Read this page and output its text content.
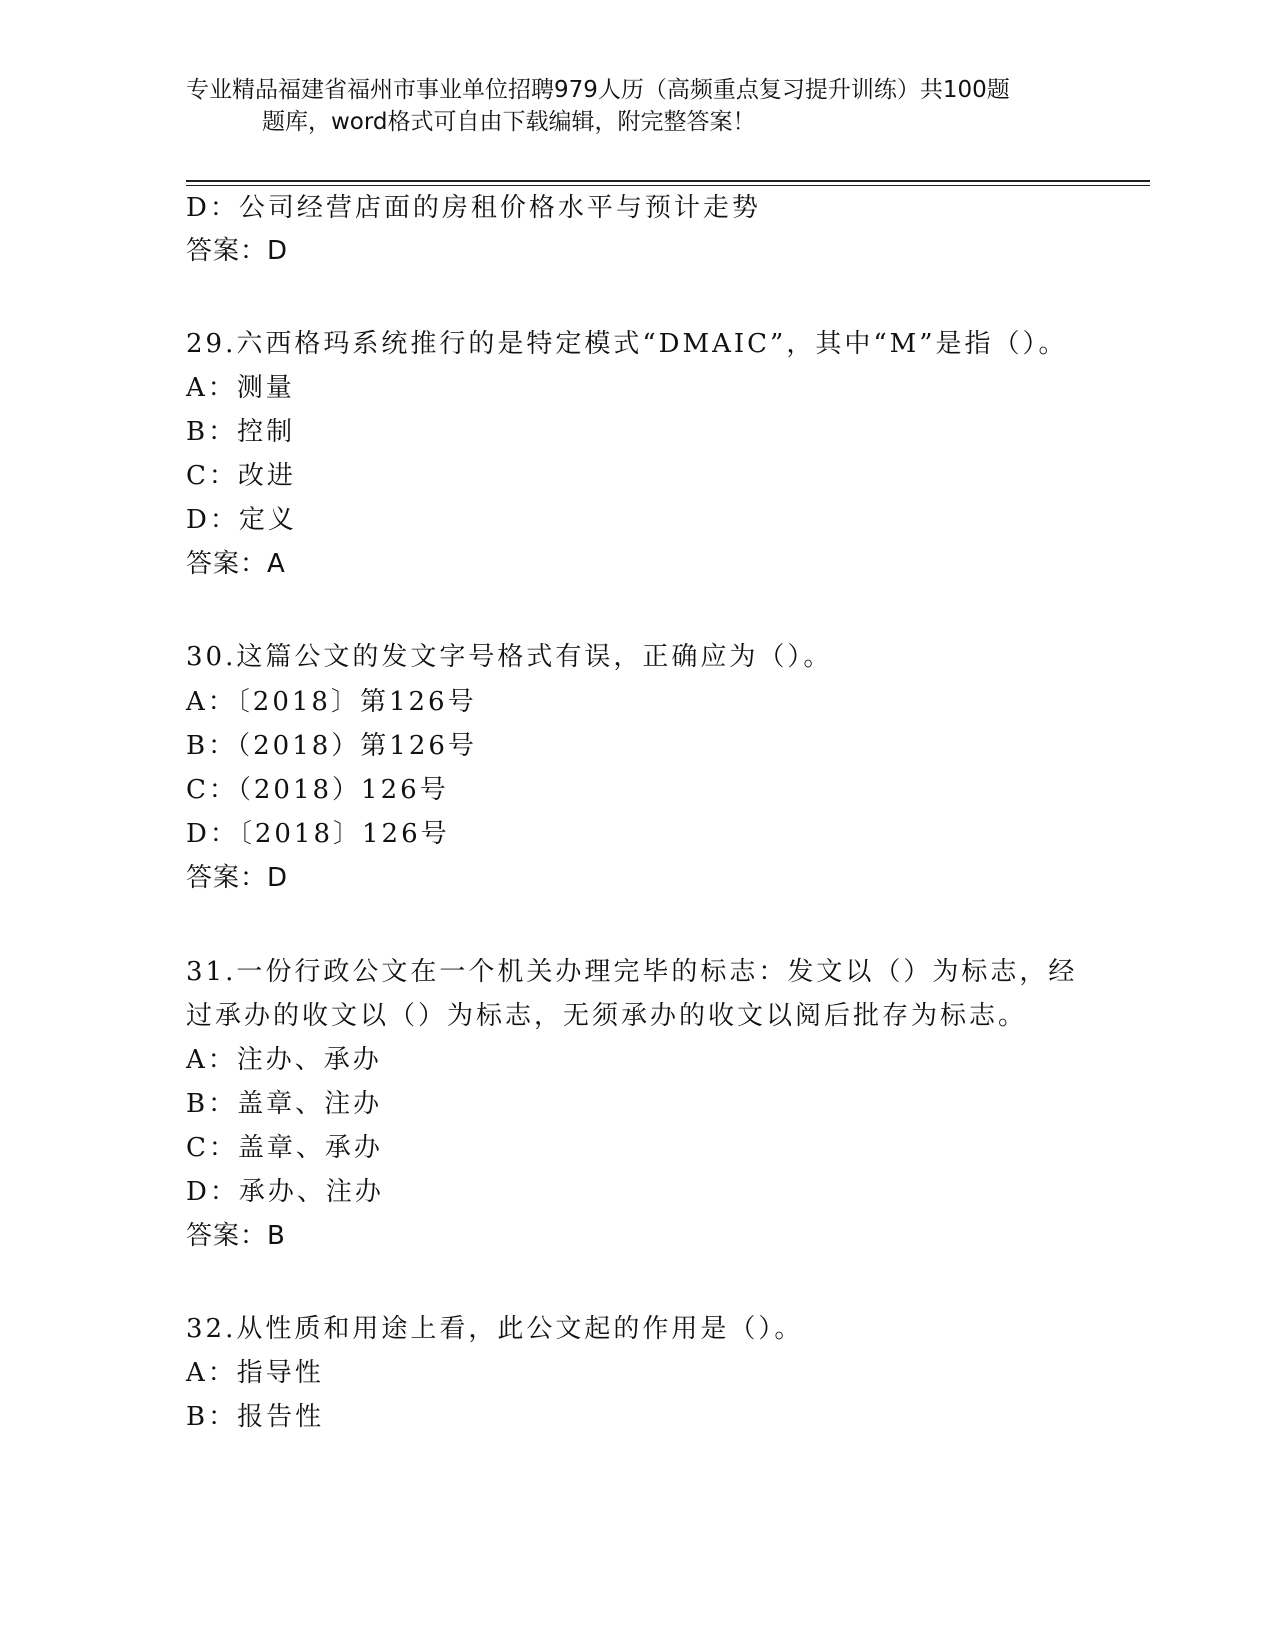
专业精品福建省福州市事业单位招聘979人历（高频重点复习提升训练）共100题
题库，word格式可自由下载编辑，附完整答案！
D：公司经营店面的房租价格水平与预计走势
答案：D
29.六西格玛系统推行的是特定模式“DMAIC”，其中“M”是指（）。
A：测量
B：控制
C：改进
D：定义
答案：A
30.这篇公文的发文字号格式有误，正确应为（）。
A：〔2018〕第126号
B：（2018）第126号
C：（2018）126号
D：〔2018〕126号
答案：D
31.一份行政公文在一个机关办理完毕的标志：发文以（）为标志，经
过承办的收文以（）为标志，无须承办的收文以阅后批存为标志。
A：注办、承办
B：盖章、注办
C：盖章、承办
D：承办、注办
答案：B
32.从性质和用途上看，此公文起的作用是（）。
A：指导性
B：报告性
